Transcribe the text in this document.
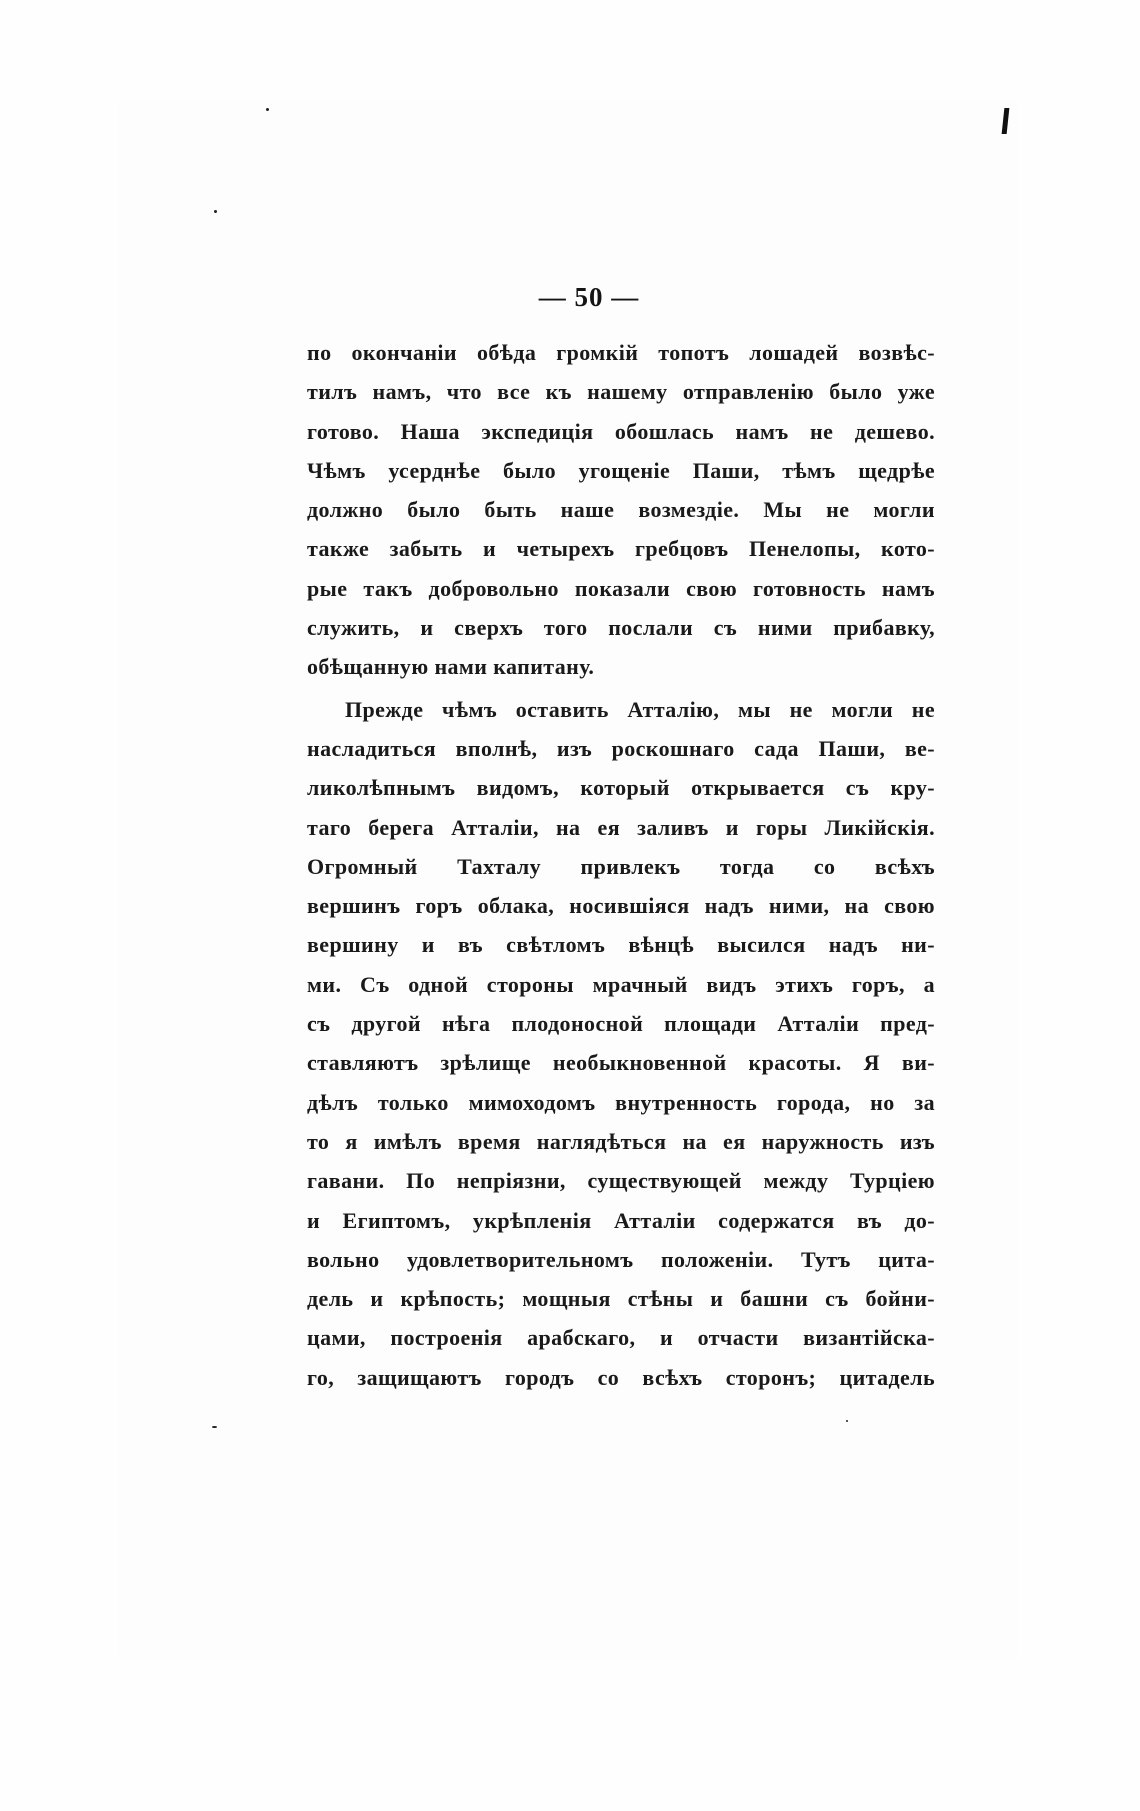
— 50 —
по окончаніи обѣда громкій топотъ лошадей возвѣс-
тилъ намъ, что все къ нашему отправленію было уже
готово. Наша экспедиція обошлась намъ не дешево.
Чѣмъ усерднѣе было угощеніе Паши, тѣмъ щедрѣе
должно было быть наше возмездіе. Мы не могли
также забыть и четырехъ гребцовъ Пенелопы, кото-
рые такъ добровольно показали свою готовность намъ
служить, и сверхъ того послали съ ними прибавку,
обѣщанную нами капитану.
Прежде чѣмъ оставить Атталію, мы не могли не
насладиться вполнѣ, изъ роскошнаго сада Паши, ве-
ликолѣпнымъ видомъ, который открывается съ кру-
таго берега Атталіи, на ея заливъ и горы Ликійскія.
Огромный Тахталу привлекъ тогда со всѣхъ
вершинъ горъ облака, носившіяся надъ ними, на свою
вершину и въ свѣтломъ вѣнцѣ высился надъ ни-
ми. Съ одной стороны мрачный видъ этихъ горъ, а
съ другой нѣга плодоносной площади Атталіи пред-
ставляютъ зрѣлище необыкновенной красоты. Я ви-
дѣлъ только мимоходомъ внутренность города, но за
то я имѣлъ время наглядѣться на ея наружность изъ
гавани. По непріязни, существующей между Турціею
и Египтомъ, укрѣпленія Атталіи содержатся въ до-
вольно удовлетворительномъ положеніи. Тутъ цита-
дель и крѣпость; мощныя стѣны и башни съ бойни-
цами, построенія арабскаго, и отчасти византійска-
го, защищаютъ городъ со всѣхъ сторонъ; цитадель
